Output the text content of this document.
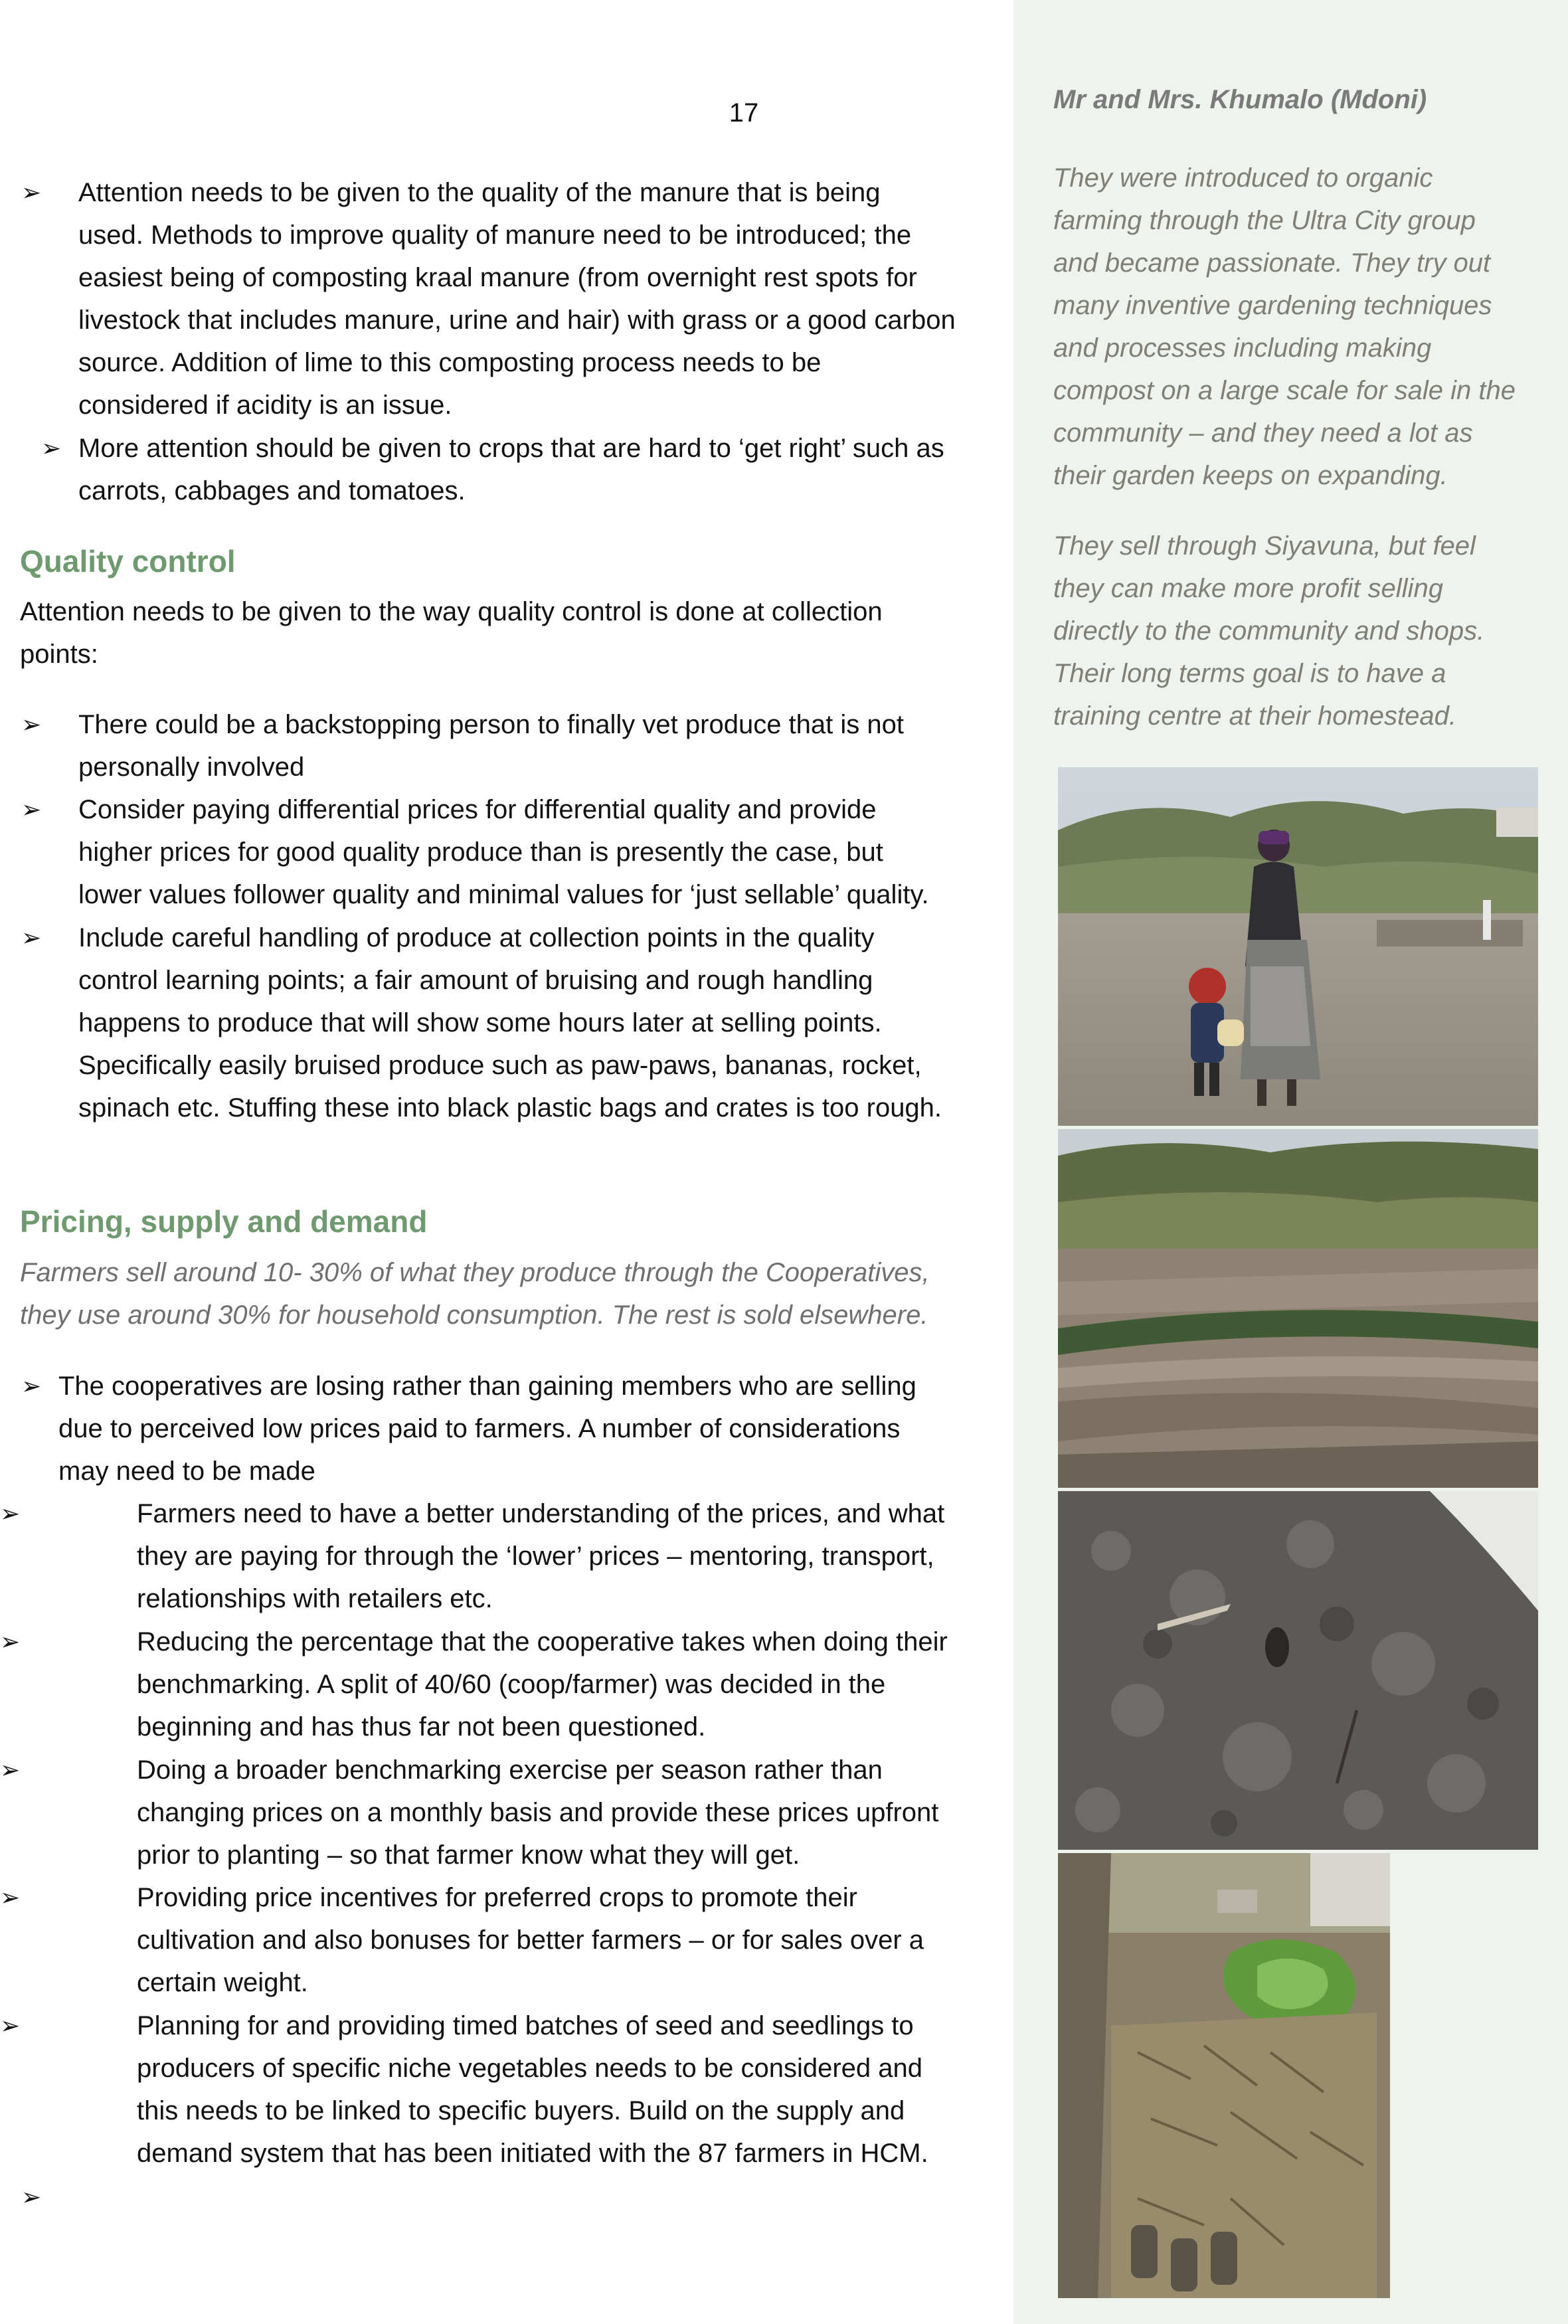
17
➢ Attention needs to be given to the quality of the manure that is being
used. Methods to improve quality of manure need to be introduced; the
easiest being of composting kraal manure (from overnight rest spots for
livestock that includes manure, urine and hair) with grass or a good carbon
source. Addition of lime to this composting process needs to be
considered if acidity is an issue.
➢ More attention should be given to crops that are hard to ‘get right’ such as
carrots, cabbages and tomatoes.
Quality control
Attention needs to be given to the way quality control is done at collection
points:
➢ There could be a backstopping person to finally vet produce that is not
personally involved
➢ Consider paying differential prices for differential quality and provide
higher prices for good quality produce than is presently the case, but
lower values follower quality and minimal values for ‘just sellable’ quality.
➢ Include careful handling of produce at collection points in the quality
control learning points; a fair amount of bruising and rough handling
happens to produce that will show some hours later at selling points.
Specifically easily bruised produce such as paw-paws, bananas, rocket,
spinach etc. Stuffing these into black plastic bags and crates is too rough.
Pricing, supply and demand
Farmers sell around 10- 30% of what they produce through the Cooperatives,
they use around 30% for household consumption. The rest is sold elsewhere.
➢ The cooperatives are losing rather than gaining members who are selling
due to perceived low prices paid to farmers. A number of considerations
may need to be made
➢	Farmers need to have a better understanding of the prices, and what
they are paying for through the ‘lower’ prices – mentoring, transport,
relationships with retailers etc.
➢	Reducing the percentage that the cooperative takes when doing their
benchmarking. A split of 40/60 (coop/farmer) was decided in the
beginning and has thus far not been questioned.
➢	Doing a broader benchmarking exercise per season rather than
changing prices on a monthly basis and provide these prices upfront
prior to planting – so that farmer know what they will get.
➢	Providing price incentives for preferred crops to promote their
cultivation and also bonuses for better farmers – or for sales over a
certain weight.
➢	Planning for and providing timed batches of seed and seedlings to
producers of specific niche vegetables needs to be considered and
this needs to be linked to specific buyers. Build on the supply and
demand system that has been initiated with the 87 farmers in HCM.
➢
Mr and Mrs. Khumalo (Mdoni)
They were introduced to organic
farming through the Ultra City group
and became passionate. They try out
many inventive gardening techniques
and processes including making
compost on a large scale for sale in the
community – and they need a lot as
their garden keeps on expanding.
They sell through Siyavuna, but feel
they can make more profit selling
directly to the community and shops.
Their long terms goal is to have a
training centre at their homestead.
